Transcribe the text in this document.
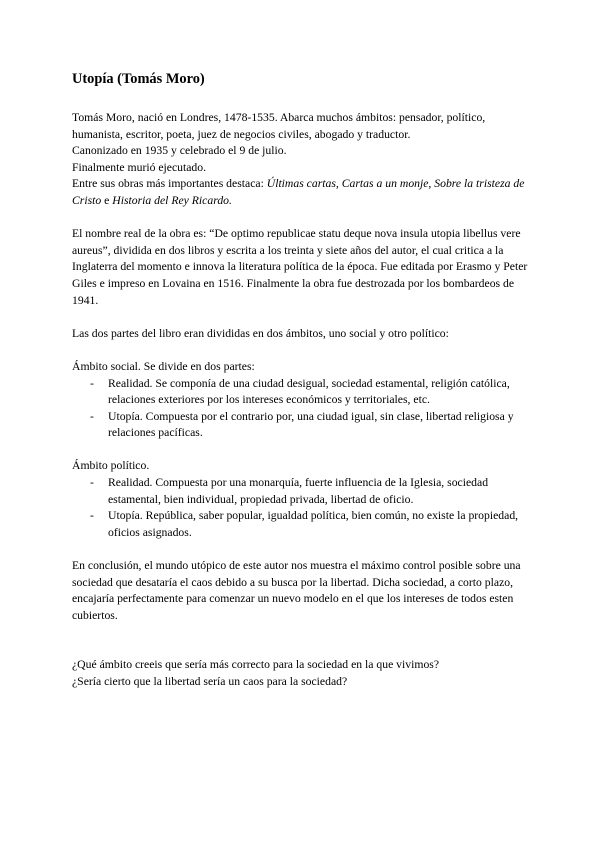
Utopía (Tomás Moro)

Tomás Moro, nació en Londres, 1478-1535. Abarca muchos ámbitos: pensador, político, humanista, escritor, poeta, juez de negocios civiles, abogado y traductor.

Canonizado en 1935 y celebrado el 9 de julio.

Finalmente murió ejecutado.

Entre sus obras más importantes destaca: Últimas cartas, Cartas a un monje, Sobre la tristeza de Cristo e Historia del Rey Ricardo.

El nombre real de la obra es: “De optimo republicae statu deque nova insula utopia libellus vere aureus”, dividida en dos libros y escrita a los treinta y siete años del autor, el cual critica a la Inglaterra del momento e innova la literatura política de la época. Fue editada por Erasmo y Peter Giles e impreso en Lovaina en 1516. Finalmente la obra fue destrozada por los bombardeos de 1941.

Las dos partes del libro eran divididas en dos ámbitos, uno social y otro político:

Ámbito social. Se divide en dos partes:

- Realidad. Se componía de una ciudad desigual, sociedad estamental, religión católica, relaciones exteriores por los intereses económicos y territoriales, etc.
- Utopía. Compuesta por el contrario por, una ciudad igual, sin clase, libertad religiosa y relaciones pacíficas.

Ámbito político.

- Realidad. Compuesta por una monarquía, fuerte influencia de la Iglesia, sociedad estamental, bien individual, propiedad privada, libertad de oficio.
- Utopía. República, saber popular, igualdad política, bien común, no existe la propiedad, oficios asignados.

En conclusión, el mundo utópico de este autor nos muestra el máximo control posible sobre una sociedad que desataría el caos debido a su busca por la libertad. Dicha sociedad, a corto plazo, encajaría perfectamente para comenzar un nuevo modelo en el que los intereses de todos esten cubiertos.

¿Qué ámbito creeis que sería más correcto para la sociedad en la que vivimos?

¿Sería cierto que la libertad sería un caos para la sociedad?
